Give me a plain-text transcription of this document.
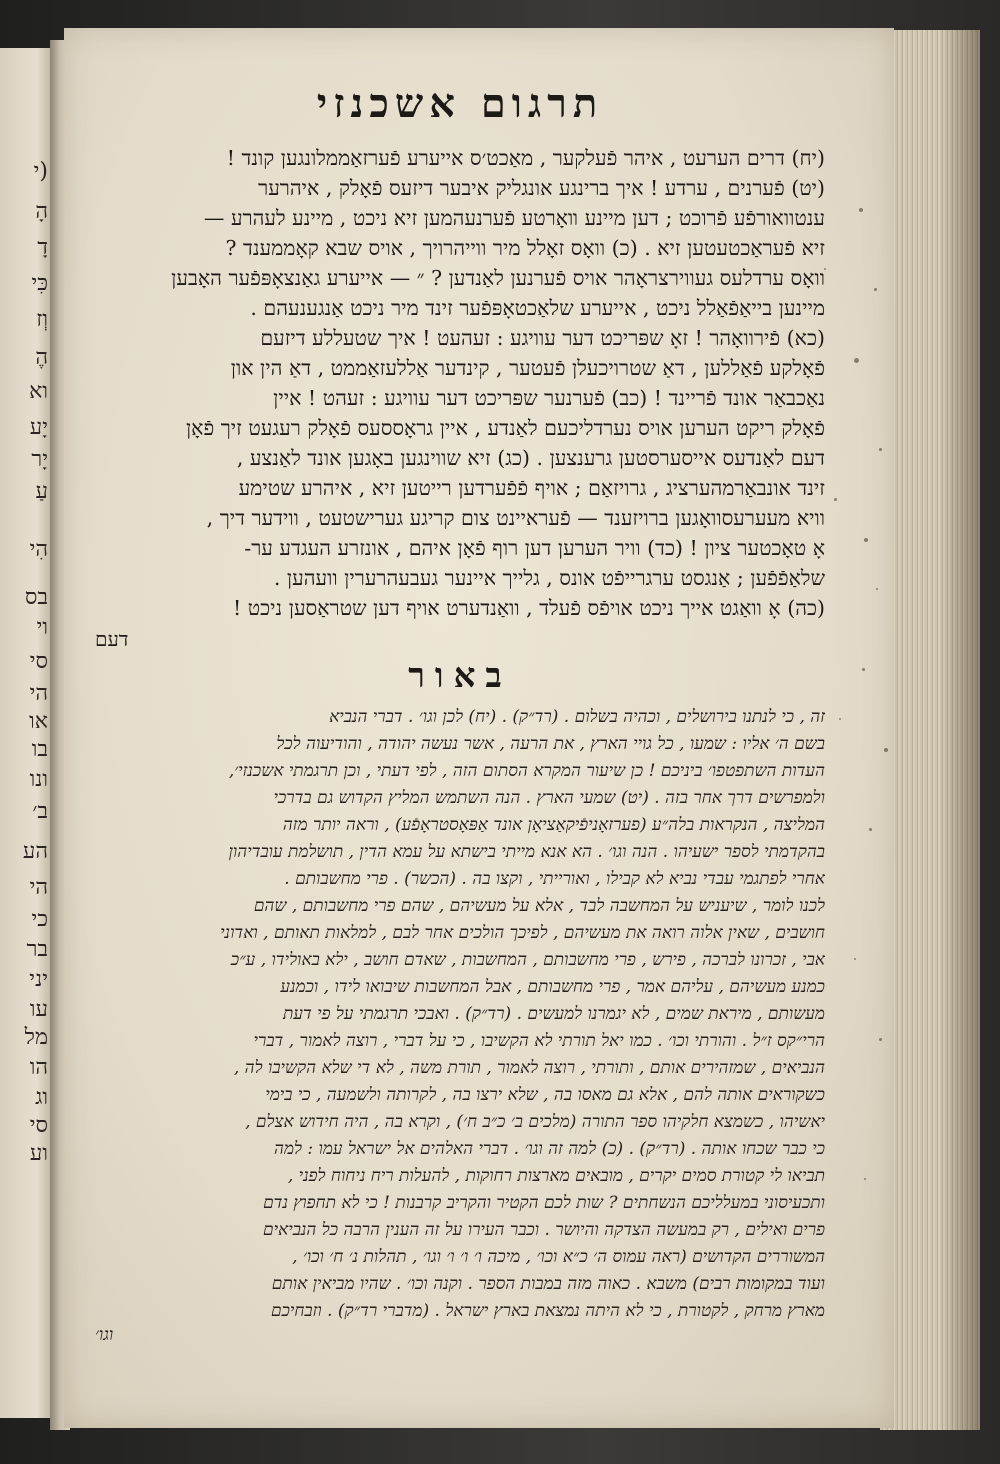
(י
הָ
דָ
כִּי
וְז
הֶ
וא
יָע
יָר
עַ
הִי
בס
וי
סי
הי
או
בו
ונו
ב׳
הע
הי
כי
בר
יני
עו
מל
הו
וג
סי
וע
תרגום אשכנזי
(יח) דרים הערעט , איהר פֿעלקער , מאַכט׳ס אייערע פֿערזאַממלונגען קונד !
(יט) פֿערנים , ערדע ! איך ברינגע אונגליק איבער דיזעס פֿאָלק , איהרער
ענטוואורפֿע פֿרוכט ; דען מיינע װאָרטע פֿערנעהמען זיא ניכט , מיינע לעהרע —
זיא פֿעראַכטעטען זיא . (כ) וואָס זאָלל מיר ווייהרויך , אויס שבא קאָממענד ?
וואָס ערדלעס געווירצראָהר אויס פֿערנען לאַנדען ? ״ — אייערע גאַנצאָפּפֿער האָבען
מיינען בייאַפֿאַלל ניכט , אייערע שלאַכטאָפּפֿער זינד מיר ניכט אַנגענעהם .
(כא) פֿירוואָהר ! זאָ שפּריכט דער עוויגע : זעהעט ! איך שטעללע דיזעם
פֿאָלקע פֿאַללען , דאַ שטרויכעלן פֿעטער , קינדער אַללעזאַממט , דאַ הין און
נאַכבאַר אונד פֿריינד ! (כב) פֿערנער שפּריכט דער עוויגע : זעהט ! איין
פֿאָלק ריקט הערען אויס נערדליכעם לאַנדע , איין גראָססעס פֿאָלק רעגעט זיך פֿאָן
דעם לאַנדעס אייסערסטען גרענצען . (כג) זיא שווינגען באָגען אונד לאַנצע ,
זינד אונבאַרמהערציג , גרויזאַם ; אויף פֿפֿערדען רייטען זיא , איהרע שטימע
וויא מעערעסוואָגען ברויזענד — פֿעראיינט צום קריגע גערישטעט , ווידער דיך ,
אָ טאָכטער ציון ! (כד) וויר הערען דען רוף פֿאָן איהם , אונזרע העגדע ער-
שלאַפֿפֿען ; אַנגסט ערגרייפֿט אונס , גלייך איינער געבעהרערין וועהען .
(כה) אָ וואַגט אייך ניכט אויפֿס פֿעלד , וואַנדערט אויף דען שטראַסען ניכט !
דעם
באור
זה , כי לנתנו בירושלים , וכהיה בשלום . (רד״ק) . (יח) לכן וגו׳ . דברי הנביא
בשם ה׳ אליו : שמעו , כל גויי הארץ , את הרעה , אשר נעשה יהודה , והודיעוה לכל
העדות השתפטפו׳ ביניכם ! כן שיעור המקרא הסתום הזה , לפי דעתי , וכן תרגמתי אשכנזי׳,
ולמפרשים דרך אחר בזה . (יט) שמעי הארץ . הנה השתמש המליץ הקדוש גם בדרכי
המליצה , הנקראות בלה״ע (פערזאָניפֿיקאַציאָן אונד אַפּאָסטראָפֿע) , וראה יותר מזה
בהקדמתי לספר ישעיהו . הנה וגו׳ . הא אנא מייתי בישתא על עמא הדין , תושלמת עובדיהון
אחרי לפתגמי עבדי נביא לא קבילו , ואורייתי , וקצו בה . (הכשר) . פרי מחשבותם .
לכנו לומר , שיעניש על המחשבה לבד , אלא על מעשיהם , שהם פרי מחשבותם , שהם
חושבים , שאין אלוה רואה את מעשיהם , לפיכך הולכים אחר לבם , למלאות תאותם , ואדוני
אבי , זכרונו לברכה , פירש , פרי מחשבותם , המחשבות , שאדם חושב , ילא באולידו , ע״כ
כמנע מעשיהם , עליהם אמר , פרי מחשבותם , אבל המחשבות שיבואו לידו , וכמנע
מעשותם , מיראת שמים , לא יגמרנו למעשים . (רד״ק) . ואבכי תרגמתי על פי דעת
הרי״קס ז״ל . והורתי וכו׳ . כמו יאל תורתי לא הקשיבו , כי על דברי , רוצה לאמור , דברי
הנביאים , שמזהירים אותם , ותורתי , רוצה לאמור , תורת משה , לא די שלא הקשיבו לה ,
כשקוראים אותה להם , אלא גם מאסו בה , שלא ירצו בה , לקרותה ולשמעה , כי בימי
יאשיהו , כשמצא חלקיהו ספר התורה (מלכים ב׳ כ״ב ח׳) , וקרא בה , היה חידוש אצלם ,
כי כבר שכחו אותה . (רד״ק) . (כ) למה זה וגו׳ . דברי האלהים אל ישראל עמו : למה
תביאו לי קטורת סמים יקרים , מובאים מארצות רחוקות , להעלות ריח ניחוח לפני ,
ותכעיסוני במעלליכם הנשחתים ? שות לכם הקטיר והקריב קרבנות ! כי לא תחפוץ נדם
פרים ואילים , רק במעשה הצדקה והיושר . וכבר העירו על זה הענין הרבה כל הנביאים
המשוררים הקדושים (ראה עמוס ה׳ כ״א וכו׳ , מיכה ו׳ ו׳ ו׳ וגו׳ , תהלות נ׳ ח׳ וכו׳ ,
ועוד במקומות רבים) משבא . כאוה מזה במבות הספר . וקנה וכו׳ . שהיו מביאין אותם
מארץ מרחק , לקטורת , כי לא היתה נמצאת בארץ ישראל . (מדברי רד״ק) . וזבחיכם
וגו׳
